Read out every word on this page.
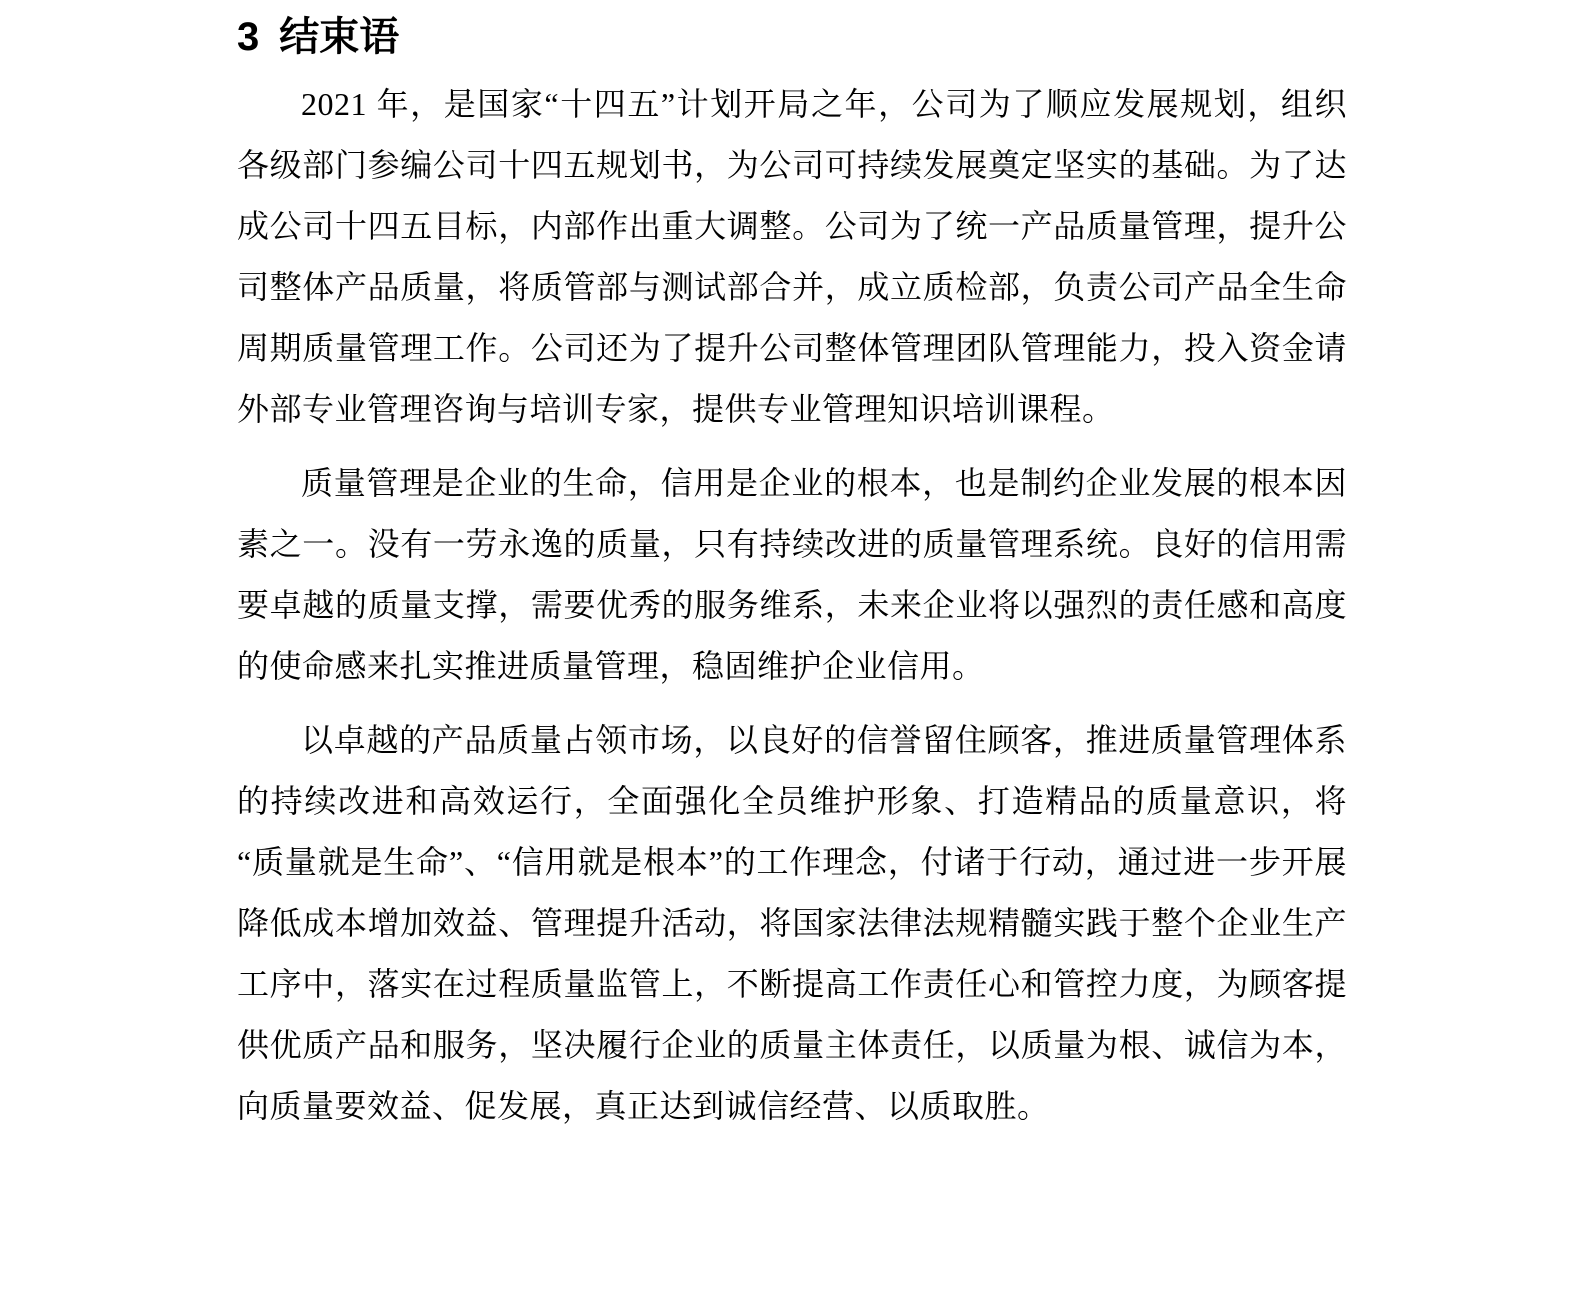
3 结束语

2021 年，是国家“十四五”计划开局之年，公司为了顺应发展规划，组织各级部门参编公司十四五规划书，为公司可持续发展奠定坚实的基础。为了达成公司十四五目标，内部作出重大调整。公司为了统一产品质量管理，提升公司整体产品质量，将质管部与测试部合并，成立质检部，负责公司产品全生命周期质量管理工作。公司还为了提升公司整体管理团队管理能力，投入资金请外部专业管理咨询与培训专家，提供专业管理知识培训课程。

质量管理是企业的生命，信用是企业的根本，也是制约企业发展的根本因素之一。没有一劳永逸的质量，只有持续改进的质量管理系统。良好的信用需要卓越的质量支撑，需要优秀的服务维系，未来企业将以强烈的责任感和高度的使命感来扎实推进质量管理，稳固维护企业信用。

以卓越的产品质量占领市场，以良好的信誉留住顾客，推进质量管理体系的持续改进和高效运行，全面强化全员维护形象、打造精品的质量意识，将“质量就是生命”、“信用就是根本”的工作理念，付诸于行动，通过进一步开展降低成本增加效益、管理提升活动，将国家法律法规精髓实践于整个企业生产工序中，落实在过程质量监管上，不断提高工作责任心和管控力度，为顾客提供优质产品和服务，坚决履行企业的质量主体责任，以质量为根、诚信为本，向质量要效益、促发展，真正达到诚信经营、以质取胜。
